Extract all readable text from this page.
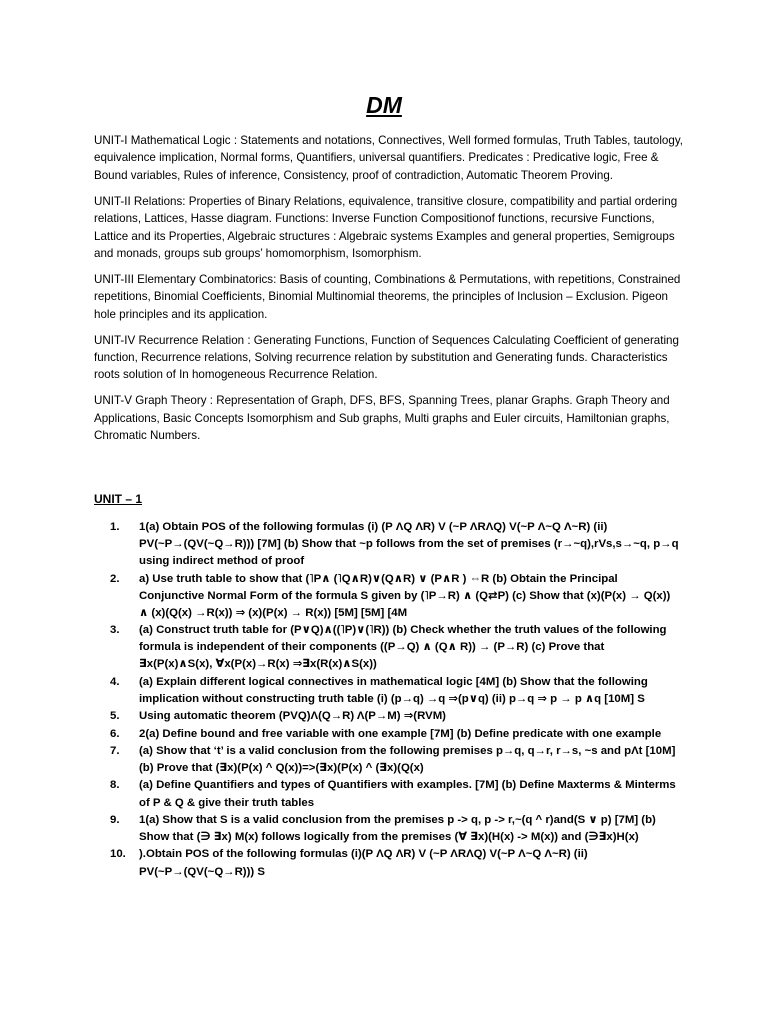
DM

UNIT-I Mathematical Logic : Statements and notations, Connectives, Well formed formulas, Truth Tables, tautology, equivalence implication, Normal forms, Quantifiers, universal quantifiers. Predicates : Predicative logic, Free & Bound variables, Rules of inference, Consistency, proof of contradiction, Automatic Theorem Proving.

UNIT-II Relations: Properties of Binary Relations, equivalence, transitive closure, compatibility and partial ordering relations, Lattices, Hasse diagram. Functions: Inverse Function Compositionof functions, recursive Functions, Lattice and its Properties, Algebraic structures : Algebraic systems Examples and general properties, Semigroups and monads, groups sub groups’ homomorphism, Isomorphism.

UNIT-III Elementary Combinatorics: Basis of counting, Combinations & Permutations, with repetitions, Constrained repetitions, Binomial Coefficients, Binomial Multinomial theorems, the principles of Inclusion – Exclusion. Pigeon hole principles and its application.

UNIT-IV Recurrence Relation : Generating Functions, Function of Sequences Calculating Coefficient of generating function, Recurrence relations, Solving recurrence relation by substitution and Generating funds. Characteristics roots solution of In homogeneous Recurrence Relation.

UNIT-V Graph Theory : Representation of Graph, DFS, BFS, Spanning Trees, planar Graphs. Graph Theory and Applications, Basic Concepts Isomorphism and Sub graphs, Multi graphs and Euler circuits, Hamiltonian graphs, Chromatic Numbers.

UNIT – 1
1.	1(a) Obtain POS of the following formulas (i) (P ΛQ ΛR) V (~P ΛRΛQ) V(~P Λ~Q Λ~R) (ii) PV(~P→(QV(~Q→R))) [7M] (b) Show that ~p follows from the set of premises (r→~q),rVs,s→~q, p→q using indirect method of proof
2.	a) Use truth table to show that (˥P∧ (˥Q∧R)∨(Q∧R) ∨ (P∧R ) ⇔R (b) Obtain the Principal Conjunctive Normal Form of the formula S given by (˥P→R) ∧ (Q⇄P) (c) Show that (x)(P(x) → Q(x)) ∧ (x)(Q(x) →R(x)) ⇒ (x)(P(x) → R(x)) [5M] [5M] [4M
3.	(a) Construct truth table for (P∨Q)∧((˥P)∨(˥R)) (b) Check whether the truth values of the following formula is independent of their components ((P→Q) ∧ (Q∧ R)) → (P→R) (c) Prove that ∃x(P(x)∧S(x), ∀x(P(x)→R(x) ⇒∃x(R(x)∧S(x))
4.	(a) Explain different logical connectives in mathematical logic [4M] (b) Show that the following implication without constructing truth table (i) (p→q) →q ⇒(p∨q) (ii) p→q ⇒ p → p ∧q [10M] S
5.	Using automatic theorem (PVQ)Λ(Q→R) Λ(P→M) ⇒(RVM)
6.	2(a) Define bound and free variable with one example [7M] (b) Define predicate with one example
7.	(a) Show that ‘t’ is a valid conclusion from the following premises p→q, q→r, r→s, ~s and pΛt [10M] (b) Prove that (∃x)(P(x) ^ Q(x))=>(∃x)(P(x) ^ (∃x)(Q(x)
8.	(a) Define Quantifiers and types of Quantifiers with examples. [7M] (b) Define Maxterms & Minterms of P & Q & give their truth tables
9.	1(a) Show that S is a valid conclusion from the premises p -> q, p -> r,~(q ^ r)and(S ∨ p) [7M] (b) Show that (∋ ∃x) M(x) follows logically from the premises (∀ ∃x)(H(x) -> M(x)) and (∋∃x)H(x)
10.	).Obtain POS of the following formulas (i)(P ΛQ ΛR) V (~P ΛRΛQ) V(~P Λ~Q Λ~R) (ii) PV(~P→(QV(~Q→R))) S
